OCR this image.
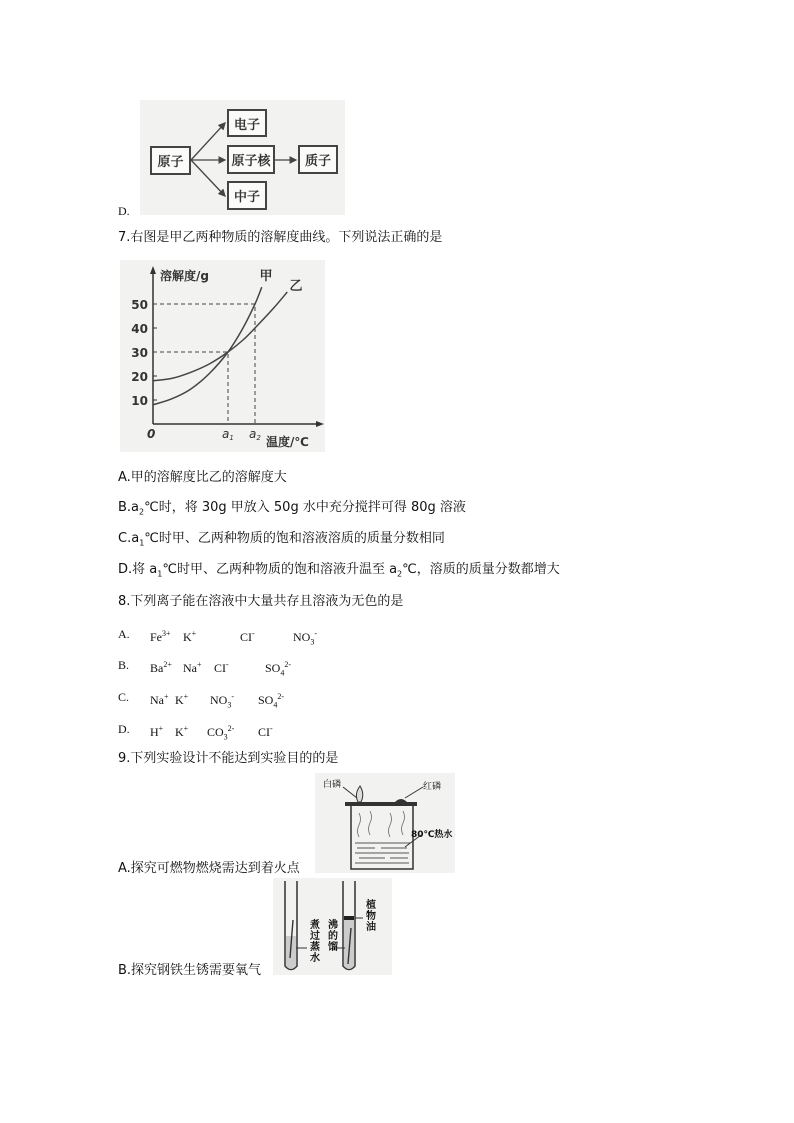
原子
电子
原子核	质子
中子
D.
7.右图是甲乙两种物质的溶解度曲线。下列说法正确的是
溶解度/g
温度/℃
0
10
20
30
40
50
a1 a2
甲
乙
A.甲的溶解度比乙的溶解度大
$B.a_2℃$时，将 30g 甲放入 50g 水中充分搅拌可得 80g 溶液
$C.a_1℃$时甲、乙两种物质的饱和溶液溶质的质量分数相同
D.将 $a_1℃$时甲、乙两种物质的饱和溶液升温至 $a_2℃$，溶质的质量分数都增大
8.下列离子能在溶液中大量共存且溶液为无色的是
A. $Fe^{3+}$ K+	CI-	$NO_3^-$
B. $Ba^{2+}$ Na+ CI-	$SO_4^{2-}$
C. Na+ K+ $NO_3^-$ $SO_4^{2-}$
D. H+ K+ $CO_3^{2-}$ CI-
9.下列实验设计不能达到实验目的的是
白磷	红磷
80℃热水
A.探究可燃物燃烧需达到着火点
沸的馏
煮过蒸水
植物油
B.探究钢铁生锈需要氧气
